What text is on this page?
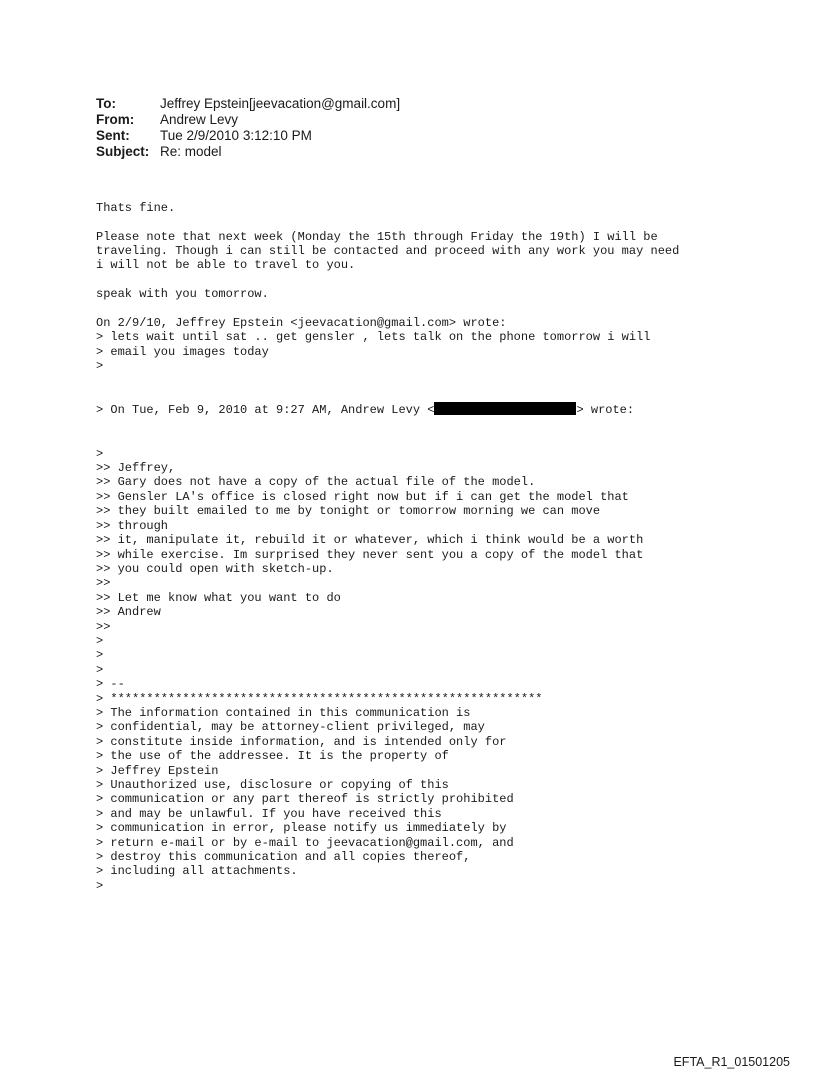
To:	Jeffrey Epstein[jeevacation@gmail.com]
From:	Andrew Levy
Sent:	Tue 2/9/2010 3:12:10 PM
Subject: Re: model

Thats fine.
Please note that next week (Monday the 15th through Friday the 19th) I will be
traveling. Though i can still be contacted and proceed with any work you may need
i will not be able to travel to you.
speak with you tomorrow.
On 2/9/10, Jeffrey Epstein <jeevacation@gmail.com> wrote:
> lets wait until sat .. get gensler , lets talk on the phone tomorrow i will
> email you images today
>

> On Tue, Feb 9, 2010 at 9:27 AM, Andrew Levy <	> wrote:

>
>> Jeffrey,
>> Gary does not have a copy of the actual file of the model.
>> Gensler LA's office is closed right now but if i can get the model that
>> they built emailed to me by tonight or tomorrow morning we can move
>> through
>> it, manipulate it, rebuild it or whatever, which i think would be a worth
>> while exercise. Im surprised they never sent you a copy of the model that
>> you could open with sketch-up.
>>
>> Let me know what you want to do
>> Andrew
>>
>
>
>
> --
> ************************************************************
> The information contained in this communication is
> confidential, may be attorney-client privileged, may
> constitute inside information, and is intended only for
> the use of the addressee. It is the property of
> Jeffrey Epstein
> Unauthorized use, disclosure or copying of this
> communication or any part thereof is strictly prohibited
> and may be unlawful. If you have received this
> communication in error, please notify us immediately by
> return e-mail or by e-mail to jeevacation@gmail.com, and
> destroy this communication and all copies thereof,
> including all attachments.
>

EFTA_R1_01501205
